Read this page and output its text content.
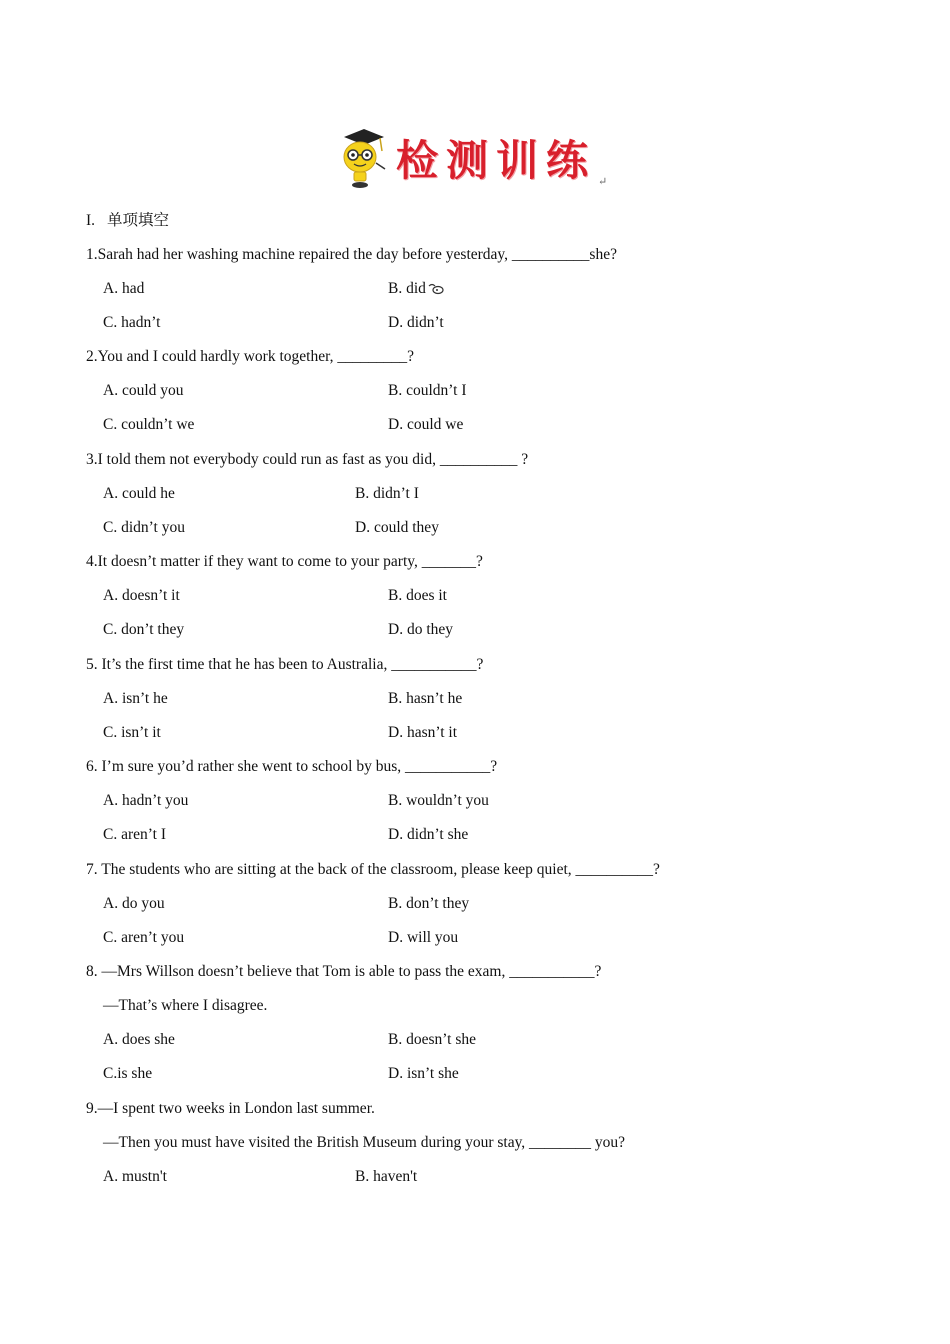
检测训练 ↵
I. 单项填空
1.Sarah had her washing machine repaired the day before yesterday, __________she?
A. had	B. did
C. hadn’t	D. didn’t
2.You and I could hardly work together, _________?
A. could you	B. couldn’t I
C. couldn’t we	D. could we
3.I told them not everybody could run as fast as you did, __________ ?
A. could he	B. didn’t I
C. didn’t you	D. could they
4.It doesn’t matter if they want to come to your party, _______?
A. doesn’t it	B. does it
C. don’t they	D. do they
5. It’s the first time that he has been to Australia, ___________?
A. isn’t he	B. hasn’t he
C. isn’t it	D. hasn’t it
6. I’m sure you’d rather she went to school by bus, ___________?
A. hadn’t you	B. wouldn’t you
C. aren’t I	D. didn’t she
7. The students who are sitting at the back of the classroom, please keep quiet, __________?
A. do you	B. don’t they
C. aren’t you	D. will you
8. —Mrs Willson doesn’t believe that Tom is able to pass the exam, ___________?
—That’s where I disagree.
A. does she	B. doesn’t she
C.is she	D. isn’t she
9.—I spent two weeks in London last summer.
—Then you must have visited the British Museum during your stay, ________ you?
A. mustn't	B. haven't
